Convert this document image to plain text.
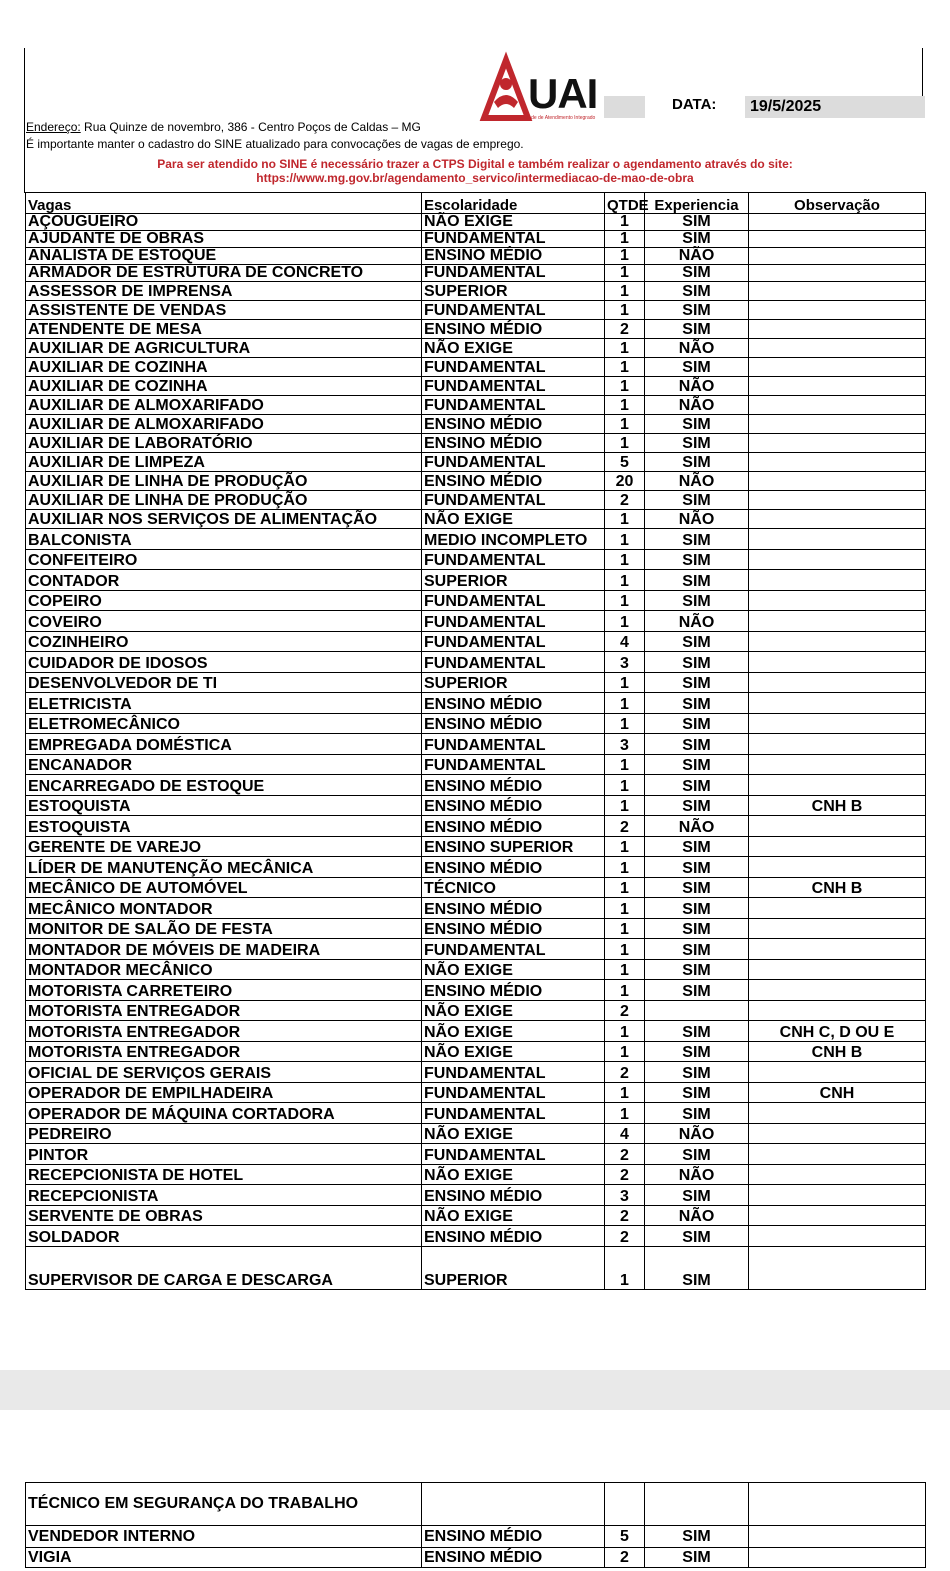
UAI
Unidade de Atendimento Integrado
DATA: 19/5/2025
Endereço: Rua Quinze de novembro, 386 - Centro Poços de Caldas – MG
É importante manter o cadastro do SINE atualizado para convocações de vagas de emprego.
Para ser atendido no SINE é necessário trazer a CTPS Digital e também realizar o agendamento através do site:
https://www.mg.gov.br/agendamento_servico/intermediacao-de-mao-de-obra
Vagas	Escolaridade	QTDE	Experiencia	Observação
AÇOUGUEIRO	NÃO EXIGE	1	SIM	
AJUDANTE DE OBRAS	FUNDAMENTAL	1	SIM	
ANALISTA DE ESTOQUE	ENSINO MÉDIO	1	NÃO	
ARMADOR DE ESTRUTURA DE CONCRETO	FUNDAMENTAL	1	SIM	
ASSESSOR DE IMPRENSA	SUPERIOR	1	SIM	
ASSISTENTE DE VENDAS	FUNDAMENTAL	1	SIM	
ATENDENTE DE MESA	ENSINO MÉDIO	2	SIM	
AUXILIAR DE AGRICULTURA	NÃO EXIGE	1	NÃO	
AUXILIAR DE COZINHA	FUNDAMENTAL	1	SIM	
AUXILIAR DE COZINHA	FUNDAMENTAL	1	NÃO	
AUXILIAR DE ALMOXARIFADO	FUNDAMENTAL	1	NÃO	
AUXILIAR DE ALMOXARIFADO	ENSINO MÉDIO	1	SIM	
AUXILIAR DE LABORATÓRIO	ENSINO MÉDIO	1	SIM	
AUXILIAR DE LIMPEZA	FUNDAMENTAL	5	SIM	
AUXILIAR DE LINHA DE PRODUÇÃO	ENSINO MÉDIO	20	NÃO	
AUXILIAR DE LINHA DE PRODUÇÃO	FUNDAMENTAL	2	SIM	
AUXILIAR NOS SERVIÇOS DE ALIMENTAÇÃO	NÃO EXIGE	1	NÃO	
BALCONISTA	MEDIO INCOMPLETO	1	SIM	
CONFEITEIRO	FUNDAMENTAL	1	SIM	
CONTADOR	SUPERIOR	1	SIM	
COPEIRO	FUNDAMENTAL	1	SIM	
COVEIRO	FUNDAMENTAL	1	NÃO	
COZINHEIRO	FUNDAMENTAL	4	SIM	
CUIDADOR DE IDOSOS	FUNDAMENTAL	3	SIM	
DESENVOLVEDOR DE TI	SUPERIOR	1	SIM	
ELETRICISTA	ENSINO MÉDIO	1	SIM	
ELETROMECÂNICO	ENSINO MÉDIO	1	SIM	
EMPREGADA DOMÉSTICA	FUNDAMENTAL	3	SIM	
ENCANADOR	FUNDAMENTAL	1	SIM	
ENCARREGADO DE ESTOQUE	ENSINO MÉDIO	1	SIM	
ESTOQUISTA	ENSINO MÉDIO	1	SIM	CNH B
ESTOQUISTA	ENSINO MÉDIO	2	NÃO	
GERENTE DE VAREJO	ENSINO SUPERIOR	1	SIM	
LÍDER DE MANUTENÇÃO MECÂNICA	ENSINO MÉDIO	1	SIM	
MECÂNICO DE AUTOMÓVEL	TÉCNICO	1	SIM	CNH B
MECÂNICO MONTADOR	ENSINO MÉDIO	1	SIM	
MONITOR DE SALÃO DE FESTA	ENSINO MÉDIO	1	SIM	
MONTADOR DE MÓVEIS DE MADEIRA	FUNDAMENTAL	1	SIM	
MONTADOR MECÂNICO	NÃO EXIGE	1	SIM	
MOTORISTA CARRETEIRO	ENSINO MÉDIO	1	SIM	
MOTORISTA ENTREGADOR	NÃO EXIGE	2		
MOTORISTA ENTREGADOR	NÃO EXIGE	1	SIM	CNH C, D OU E
MOTORISTA ENTREGADOR	NÃO EXIGE	1	SIM	CNH B
OFICIAL DE SERVIÇOS GERAIS	FUNDAMENTAL	2	SIM	
OPERADOR DE EMPILHADEIRA	FUNDAMENTAL	1	SIM	CNH
OPERADOR DE MÁQUINA CORTADORA	FUNDAMENTAL	1	SIM	
PEDREIRO	NÃO EXIGE	4	NÃO	
PINTOR	FUNDAMENTAL	2	SIM	
RECEPCIONISTA DE HOTEL	NÃO EXIGE	2	NÃO	
RECEPCIONISTA	ENSINO MÉDIO	3	SIM	
SERVENTE DE OBRAS	NÃO EXIGE	2	NÃO	
SOLDADOR	ENSINO MÉDIO	2	SIM	
SUPERVISOR DE CARGA E DESCARGA	SUPERIOR	1	SIM	
TÉCNICO EM SEGURANÇA DO TRABALHO				
VENDEDOR INTERNO	ENSINO MÉDIO	5	SIM	
VIGIA	ENSINO MÉDIO	2	SIM	
